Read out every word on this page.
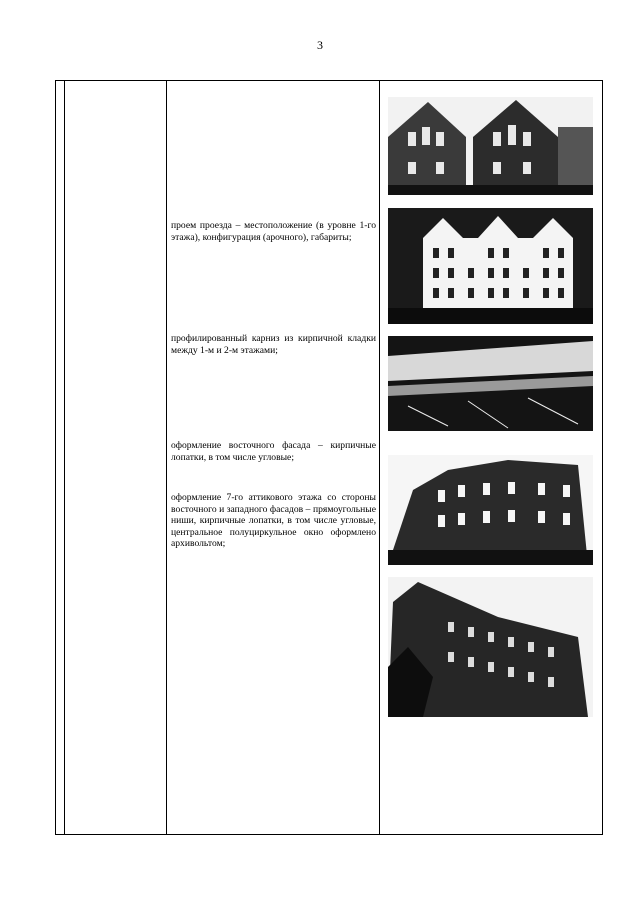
3
проем проезда – местоположение (в уровне 1-го этажа), конфигурация (арочного), габариты;
профилированный карниз из кирпичной кладки между 1-м и 2-м этажами;
оформление восточного фасада – кирпичные лопатки, в том числе угловые;
оформление 7-го аттикового этажа со стороны восточного и западного фасадов – прямоугольные ниши, кирпичные лопатки, в том числе угловые, центральное полуциркульное окно оформлено архивольтом;
